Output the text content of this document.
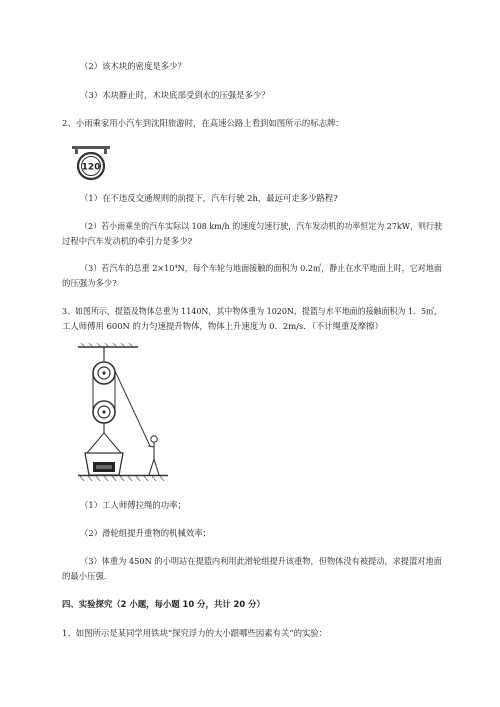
（2）该木块的密度是多少？
（3）木块静止时，木块底部受到水的压强是多少？
2、小雨乘家用小汽车到沈阳旅游时，在高速公路上看到如图所示的标志牌：
120
（1）在不违反交通规则的前提下，汽车行驶 2h，最远可走多少路程?
（2）若小雨乘坐的汽车实际以 108 km/h 的速度匀速行驶，汽车发动机的功率恒定为 27kW，则行驶
过程中汽车发动机的牵引力是多少?
（3）若汽车的总重 2×10⁴N，每个车轮与地面接触的面积为 0.2㎡，静止在水平地面上时，它对地面
的压强为多少?
3、如图所示，提篮及物体总重为 1140N，其中物体重为 1020N，提篮与水平地面的接触面积为 1．5㎡，
工人师傅用 600N 的力匀速提升物体，物体上升速度为 0．2m/s．（不计绳重及摩擦）
（1）工人师傅拉绳的功率；
（2）滑轮组提升重物的机械效率；
（3）体重为 450N 的小明站在提篮内利用此滑轮组提升该重物，但物体没有被提动，求提篮对地面
的最小压强.
四、实验探究（2 小题，每小题 10 分，共计 20 分）
1、如图所示是某同学用铁块“探究浮力的大小跟哪些因素有关”的实验：
